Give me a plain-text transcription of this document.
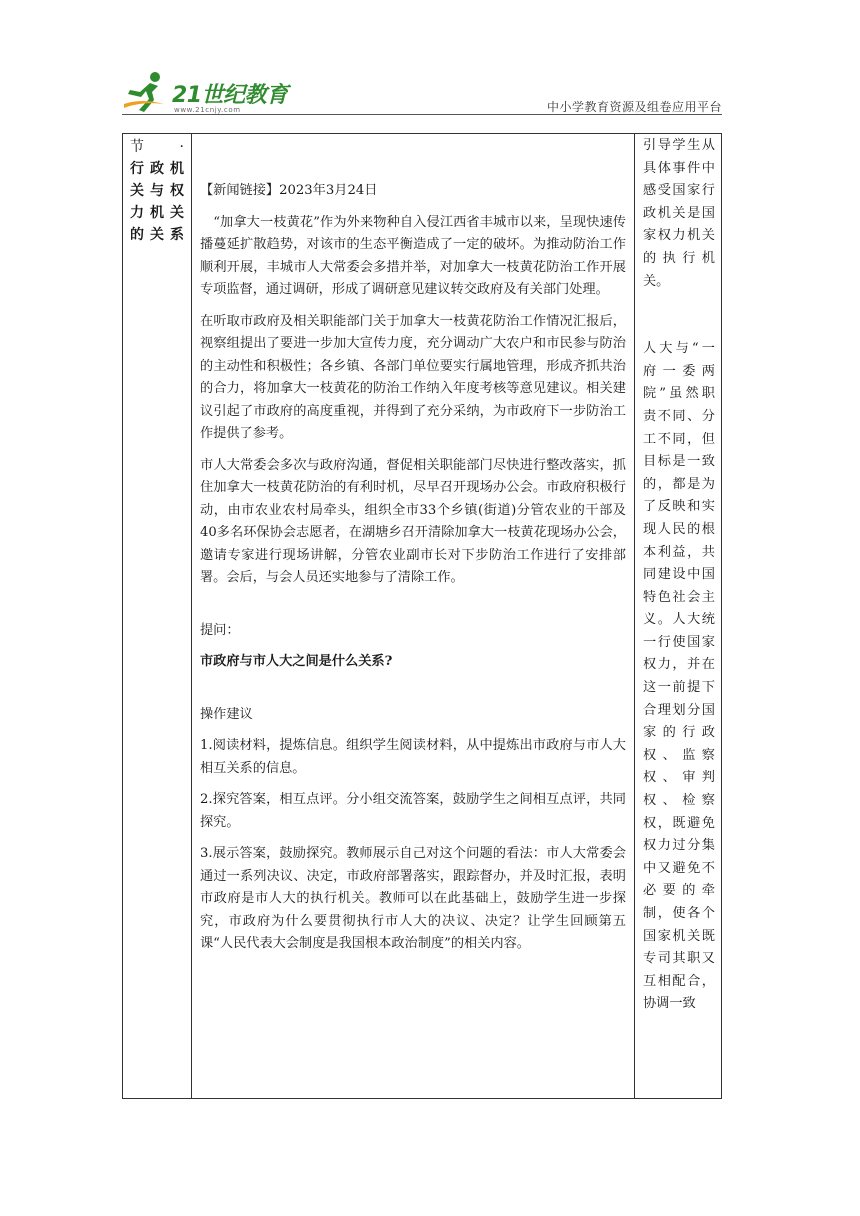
21世纪教育
www.21cnjy.com	中小学教育资源及组卷应用平台
节	·
行政机关与权力机关的关系

【新闻链接】2023年3月24日

“加拿大一枝黄花”作为外来物种自入侵江西省丰城市以来，呈现快速传播蔓延扩散趋势，对该市的生态平衡造成了一定的破坏。为推动防治工作顺利开展，丰城市人大常委会多措并举，对加拿大一枝黄花防治工作开展专项监督，通过调研，形成了调研意见建议转交政府及有关部门处理。

在听取市政府及相关职能部门关于加拿大一枝黄花防治工作情况汇报后，视察组提出了要进一步加大宣传力度，充分调动广大农户和市民参与防治的主动性和积极性；各乡镇、各部门单位要实行属地管理，形成齐抓共治的合力，将加拿大一枝黄花的防治工作纳入年度考核等意见建议。相关建议引起了市政府的高度重视，并得到了充分采纳，为市政府下一步防治工作提供了参考。

市人大常委会多次与政府沟通，督促相关职能部门尽快进行整改落实，抓住加拿大一枝黄花防治的有利时机，尽早召开现场办公会。市政府积极行动，由市农业农村局牵头，组织全市33个乡镇(街道)分管农业的干部及40多名环保协会志愿者，在湖塘乡召开清除加拿大一枝黄花现场办公会，邀请专家进行现场讲解，分管农业副市长对下步防治工作进行了安排部署。会后，与会人员还实地参与了清除工作。

提问：

市政府与市人大之间是什么关系?

操作建议

1.阅读材料，提炼信息。组织学生阅读材料，从中提炼出市政府与市人大相互关系的信息。

2.探究答案，相互点评。分小组交流答案，鼓励学生之间相互点评，共同探究。

3.展示答案，鼓励探究。教师展示自己对这个问题的看法：市人大常委会通过一系列决议、决定，市政府部署落实，跟踪督办，并及时汇报，表明市政府是市人大的执行机关。教师可以在此基础上，鼓励学生进一步探究，市政府为什么要贯彻执行市人大的决议、决定？让学生回顾第五课“人民代表大会制度是我国根本政治制度”的相关内容。

引导学生从具体事件中感受国家行政机关是国家权力机关的执行机关。

人大与“一府一委两院”虽然职责不同、分工不同，但目标是一致的，都是为了反映和实现人民的根本利益，共同建设中国特色社会主义。人大统一行使国家权力，并在这一前提下合理划分国家的行政权、监察权、审判权、检察权，既避免权力过分集中又避免不必要的牵制，使各个国家机关既专司其职又互相配合，协调一致
